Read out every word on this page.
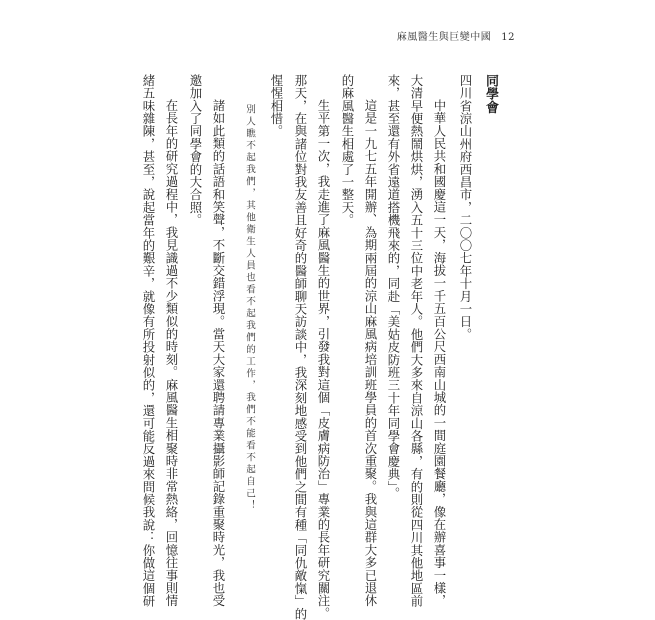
麻風醫生與巨變中國 12
同學會
四川省涼山州府西昌市，二〇〇七年十月一日。
中華人民共和國慶這一天，海拔一千五百公尺西南山城的一間庭園餐廳，像在辦喜事一樣，
大清早便熱鬧烘烘，湧入五十三位中老年人。他們大多來自涼山各縣，有的則從四川其他地區前
來，甚至還有外省遠道搭機飛來的，同赴「美姑皮防班三十年同學會慶典」。
這是一九七五年開辦、為期兩屆的涼山麻風病培訓班學員的首次重聚。我與這群大多已退休
的麻風醫生相處了一整天。
生平第一次，我走進了麻風醫生的世界，引發我對這個「皮膚病防治」專業的長年研究關注。
那天，在與諸位對我友善且好奇的醫師聊天訪談中，我深刻地感受到他們之間有種「同仇敵愾」的
惺惺相惜。
別人瞧不起我們，其他衛生人員也看不起我們的工作，我們不能看不起自己！
諸如此類的話語和笑聲，不斷交錯浮現。當天大家還聘請專業攝影師記錄重聚時光，我也受
邀加入了同學會的大合照。
在長年的研究過程中，我見識過不少類似的時刻。麻風醫生相聚時非常熱絡，回憶往事則情
緒五味雜陳，甚至，說起當年的艱辛，就像有所投射似的，還可能反過來問候我說：你做這個研
